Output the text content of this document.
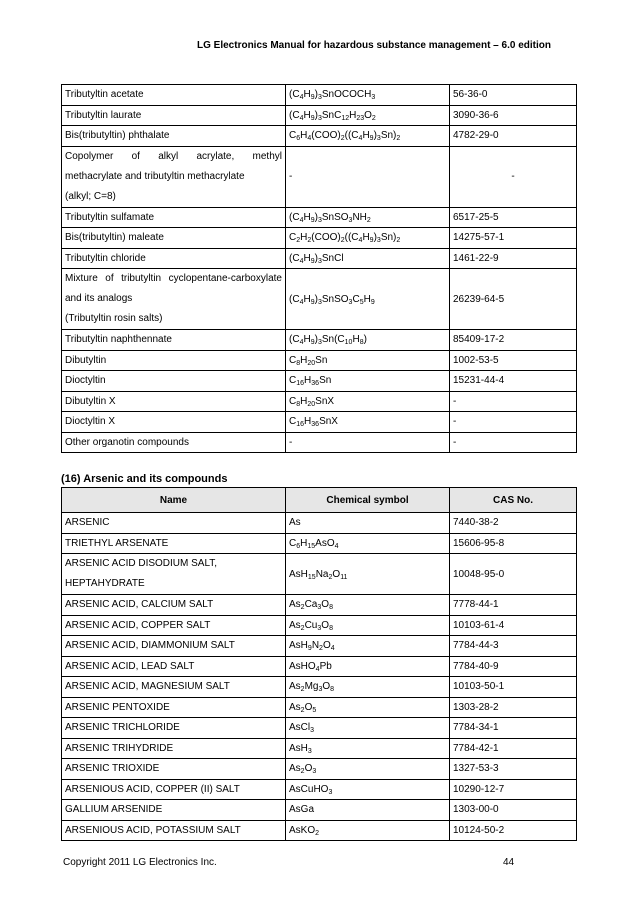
LG Electronics Manual for hazardous substance management – 6.0 edition
Tributyltin acetate	$(C_4H_9)_3SnOCOCH_3$	56-36-0
Tributyltin laurate	$(C_4H_9)_3SnC_{12}H_{23}O_2$	3090-36-6
Bis(tributyltin) phthalate	$C_6H_4(COO)_2((C_4H_9)_3Sn)_2$	4782-29-0

Copolymer of alkyl acrylate, methyl
methacrylate and tributyltin methacrylate
(alkyl; C=8)	-	-
Tributyltin sulfamate	$(C_4H_9)_3SnSO_3NH_2$	6517-25-5
Bis(tributyltin) maleate	$C_2H_2(COO)_2((C_4H_9)_3Sn)_2$	14275-57-1
Tributyltin chloride	$(C_4H_9)_3SnCl$	1461-22-9

Mixture of tributyltin cyclopentane-carboxylate
and its analogs
(Tributyltin rosin salts)	$(C_4H_9)_3SnSO_3C_5H_9$	26239-64-5
Tributyltin naphthennate	$(C_4H_9)_3Sn(C_{10}H_8)$	85409-17-2
Dibutyltin	$C_8H_{20}Sn$	1002-53-5
Dioctyltin	$C_{16}H_{36}Sn$	15231-44-4
Dibutyltin X	$C_8H_{20}SnX$	-
Dioctyltin X	$C_{16}H_{36}SnX$	-
Other organotin compounds	-	-
(16) Arsenic and its compounds
Name	Chemical symbol	CAS No.
ARSENIC	As	7440-38-2
TRIETHYL ARSENATE	$C_6H_{15}AsO_4$	15606-95-8

ARSENIC ACID DISODIUM SALT,
HEPTAHYDRATE	$AsH_{15}Na_2O_{11}$	10048-95-0
ARSENIC ACID, CALCIUM SALT	$As_2Ca_3O_8$	7778-44-1
ARSENIC ACID, COPPER SALT	$As_2Cu_3O_8$	10103-61-4
ARSENIC ACID, DIAMMONIUM SALT	$AsH_9N_2O_4$	7784-44-3
ARSENIC ACID, LEAD SALT	AsHO$_4$Pb	7784-40-9
ARSENIC ACID, MAGNESIUM SALT	$As_2Mg_3O_8$	10103-50-1
ARSENIC PENTOXIDE	$As_2O_5$	1303-28-2
ARSENIC TRICHLORIDE	AsCl$_3$	7784-34-1
ARSENIC TRIHYDRIDE	AsH$_3$	7784-42-1
ARSENIC TRIOXIDE	$As_2O_3$	1327-53-3
ARSENIOUS ACID, COPPER (II) SALT	AsCuHO$_3$	10290-12-7
GALLIUM ARSENIDE	AsGa	1303-00-0
ARSENIOUS ACID, POTASSIUM SALT	AsKO$_2$	10124-50-2
Copyright 2011 LG Electronics Inc.	44
